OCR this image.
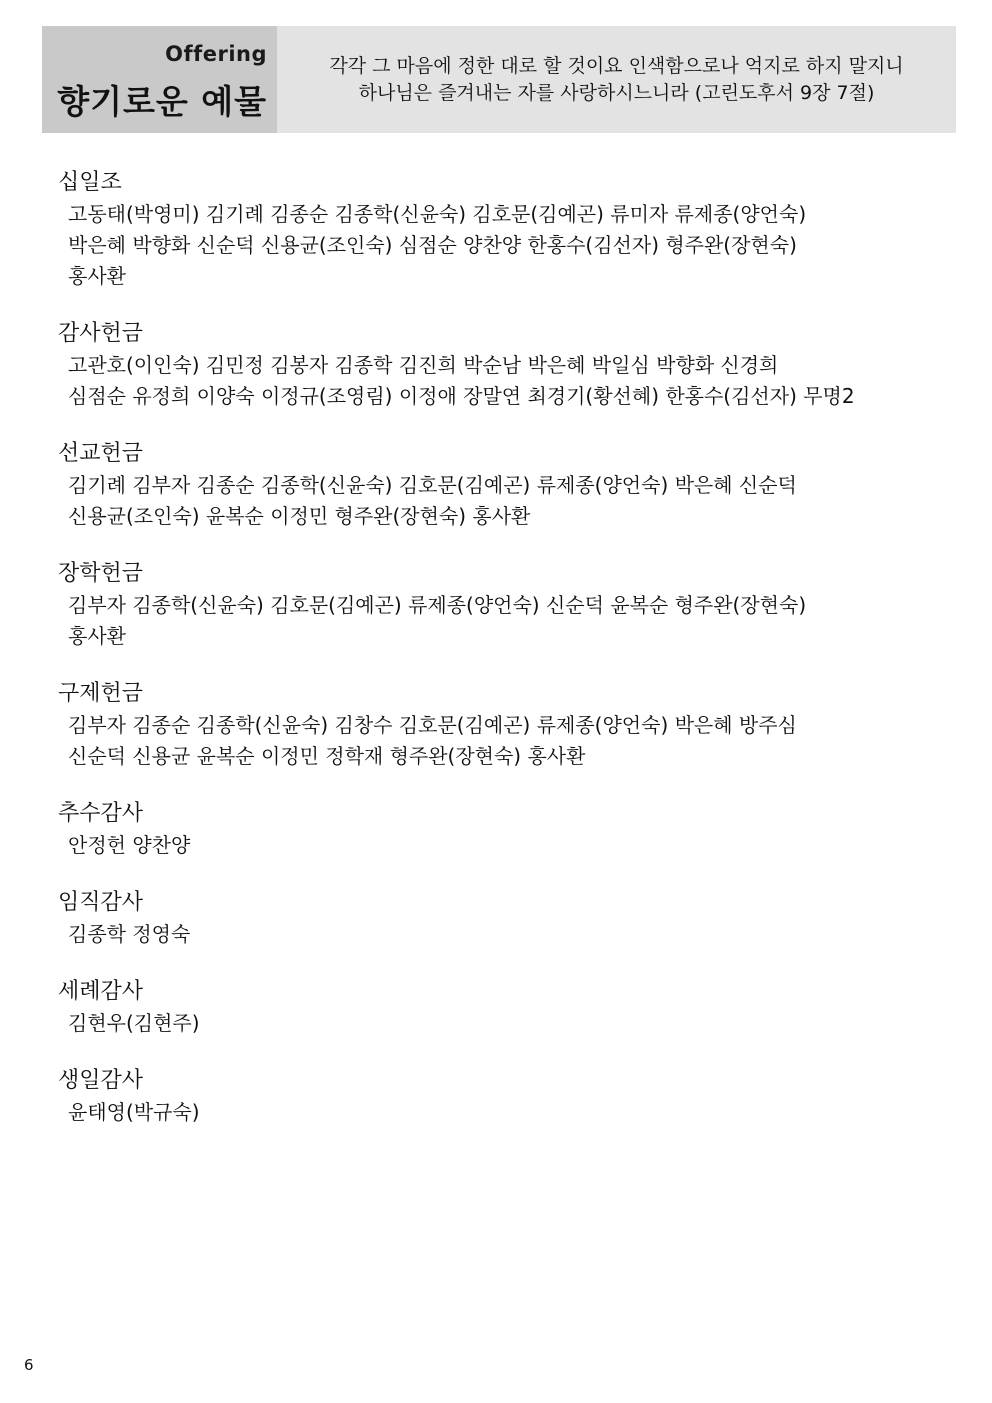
Offering
향기로운 예물
각각 그 마음에 정한 대로 할 것이요 인색함으로나 억지로 하지 말지니
하나님은 즐겨내는 자를 사랑하시느니라 (고린도후서 9장 7절)
십일조
고동태(박영미) 김기례 김종순 김종학(신윤숙) 김호문(김예곤) 류미자 류제종(양언숙)
박은혜 박향화 신순덕 신용균(조인숙) 심점순 양찬양 한홍수(김선자) 형주완(장현숙)
홍사환
감사헌금
고관호(이인숙) 김민정 김봉자 김종학 김진희 박순남 박은혜 박일심 박향화 신경희
심점순 유정희 이양숙 이정규(조영림) 이정애 장말연 최경기(황선혜) 한홍수(김선자) 무명2
선교헌금
김기례 김부자 김종순 김종학(신윤숙) 김호문(김예곤) 류제종(양언숙) 박은혜 신순덕
신용균(조인숙) 윤복순 이정민 형주완(장현숙) 홍사환
장학헌금
김부자 김종학(신윤숙) 김호문(김예곤) 류제종(양언숙) 신순덕 윤복순 형주완(장현숙)
홍사환
구제헌금
김부자 김종순 김종학(신윤숙) 김창수 김호문(김예곤) 류제종(양언숙) 박은혜 방주심
신순덕 신용균 윤복순 이정민 정학재 형주완(장현숙) 홍사환
추수감사
안정헌 양찬양
임직감사
김종학 정영숙
세례감사
김현우(김현주)
생일감사
윤태영(박규숙)
6
